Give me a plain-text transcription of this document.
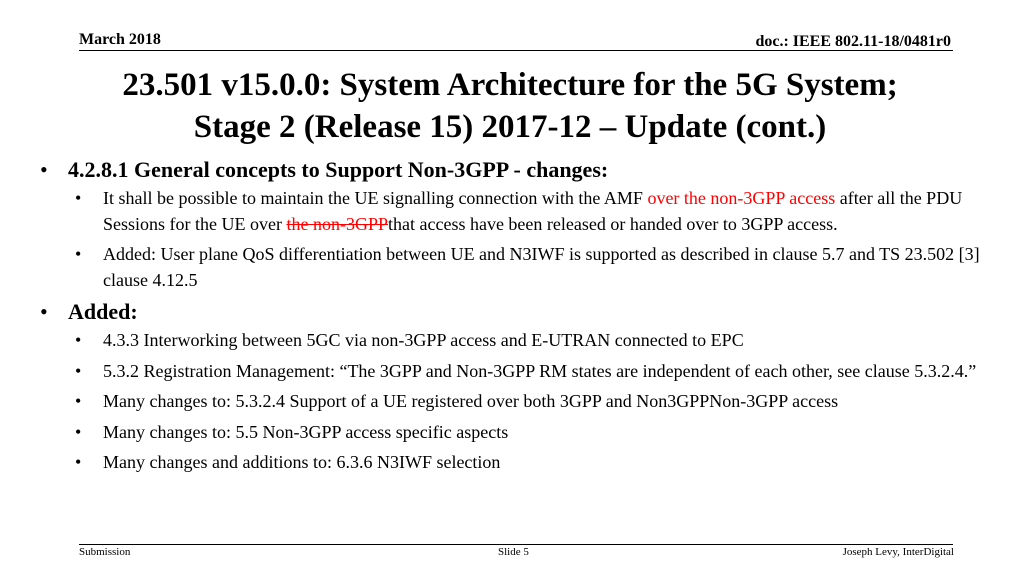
March 2018	doc.: IEEE 802.11-18/0481r0
23.501 v15.0.0: System Architecture for the 5G System;
Stage 2 (Release 15) 2017-12 – Update (cont.)
• 4.2.8.1 General concepts to Support Non-3GPP - changes:
• It shall be possible to maintain the UE signalling connection with the AMF over the non-3GPP access after all the PDU Sessions for the UE over the non-3GPPthat access have been released or handed over to 3GPP access.
• Added: User plane QoS differentiation between UE and N3IWF is supported as described in clause 5.7 and TS 23.502 [3] clause 4.12.5
• Added:
• 4.3.3 Interworking between 5GC via non-3GPP access and E-UTRAN connected to EPC
• 5.3.2 Registration Management: “The 3GPP and Non-3GPP RM states are independent of each other, see clause 5.3.2.4.”
• Many changes to: 5.3.2.4 Support of a UE registered over both 3GPP and Non3GPPNon-3GPP access
• Many changes to: 5.5 Non-3GPP access specific aspects
• Many changes and additions to: 6.3.6 N3IWF selection
Submission	Slide 5	Joseph Levy, InterDigital
